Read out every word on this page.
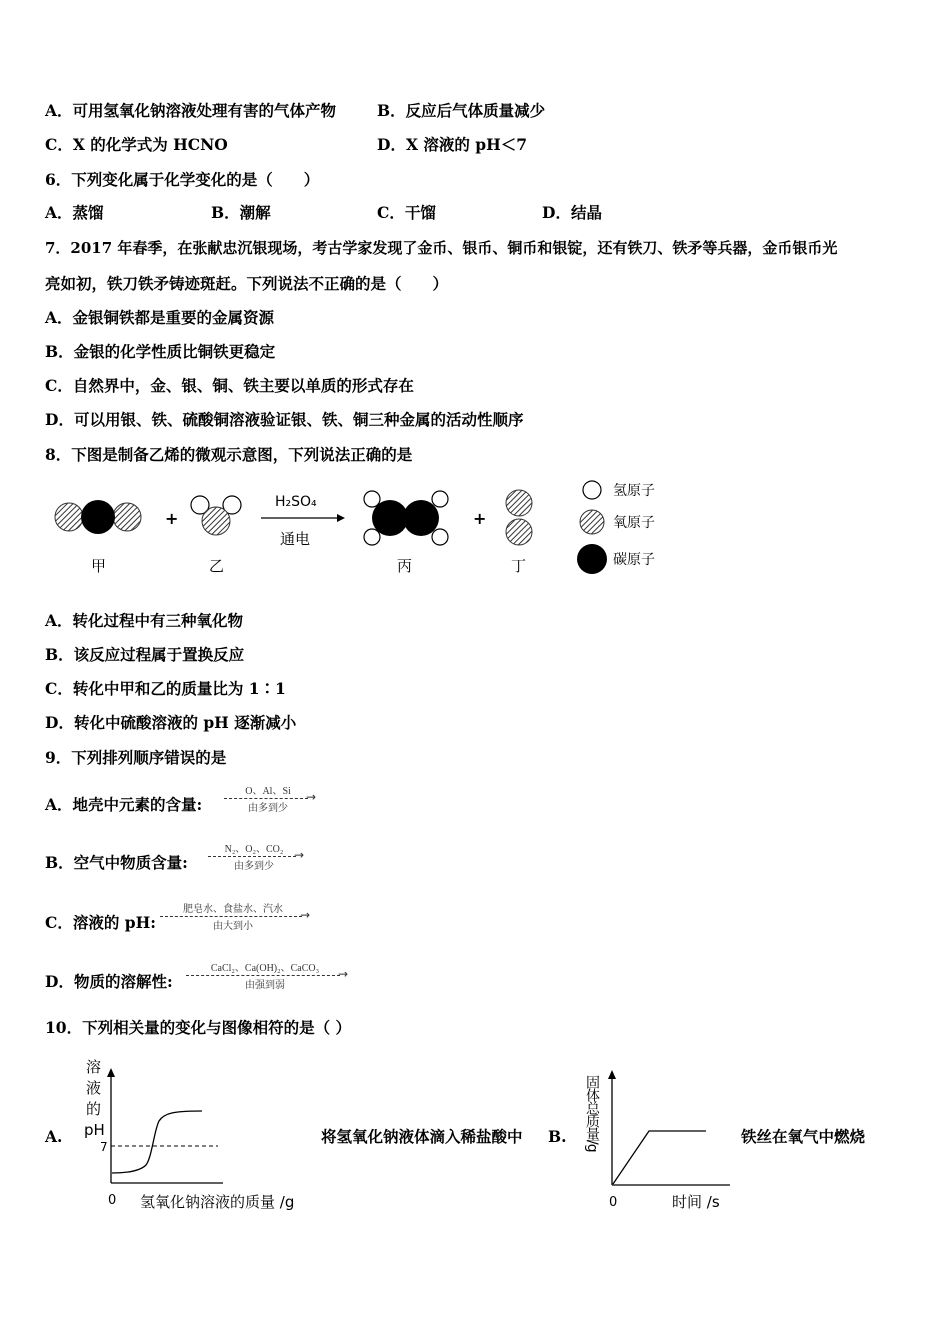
A．可用氢氧化钠溶液处理有害的气体产物	B．反应后气体质量减少
C．X 的化学式为 HCNO	D．X 溶液的 pH＜7
6．下列变化属于化学变化的是（　　）
A．蒸馏	B．潮解	C．干馏	D．结晶
7．2017 年春季，在张献忠沉银现场，考古学家发现了金币、银币、铜币和银锭，还有铁刀、铁矛等兵器，金币银币光
亮如初，铁刀铁矛铸迹斑赶。下列说法不正确的是（　　）
A．金银铜铁都是重要的金属资源
B．金银的化学性质比铜铁更稳定
C．自然界中，金、银、铜、铁主要以单质的形式存在
D．可以用银、铁、硫酸铜溶液验证银、铁、铜三种金属的活动性顺序
8．下图是制备乙烯的微观示意图，下列说法正确的是
+
H₂SO₄
通电
+
甲	乙	丙	丁
氢原子
氧原子
碳原子
A．转化过程中有三种氧化物
B．该反应过程属于置换反应
C．转化中甲和乙的质量比为 1∶1
D．转化中硫酸溶液的 pH 逐渐减小
9．下列排列顺序错误的是
A．地壳中元素的含量:
O、Al、Si	→
由多到少
B．空气中物质含量:
N₂、O₂、CO₂ →
由多到少
C．溶液的 pH:
肥皂水、食盐水、汽水	→
由大到小
D．物质的溶解性:
CaCl₂、Ca(OH)₂、CaCO₃	→
由强到弱
10．下列相关量的变化与图像相符的是（ ）
A.
溶
液
的
pH
7
0 氢氧化钠溶液的质量 /g
将氢氧化钠液体滴入稀盐酸中 B. 固体总质量/g
0	时间 /s
铁丝在氧气中燃烧
